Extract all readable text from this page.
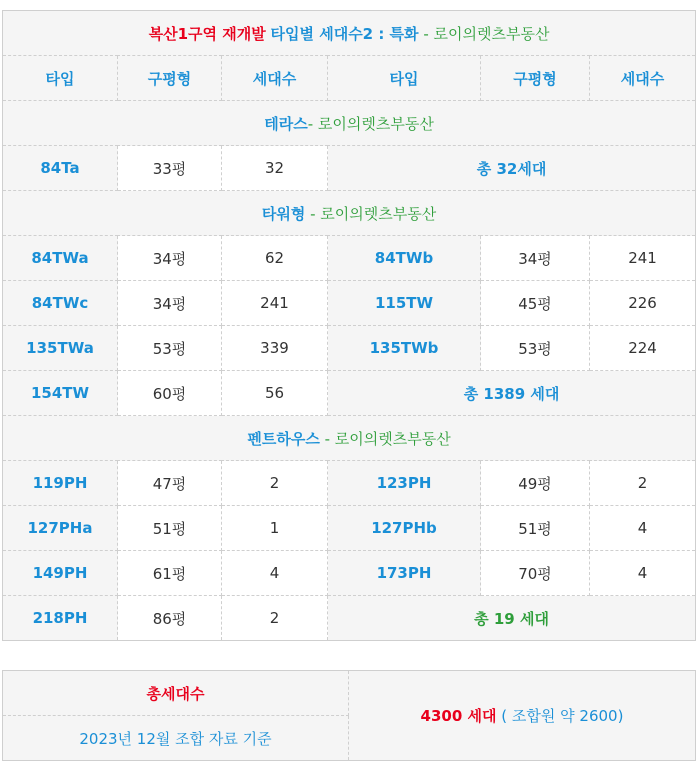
복산1구역 재개발 타입별 세대수2 : 특화 - 로이의렛츠부동산					
타입	구평형	세대수	타입	구평형	세대수
테라스- 로이의렛츠부동산					
84Ta	33평	32	총 32세대		
타워형 - 로이의렛츠부동산					
84TWa	34평	62	84TWb	34평	241
84TWc	34평	241	115TW	45평	226
135TWa	53평	339	135TWb	53평	224
154TW	60평	56	총 1389 세대		
펜트하우스 - 로이의렛츠부동산					
119PH	47평	2	123PH	49평	2
127PHa	51평	1	127PHb	51평	4
149PH	61평	4	173PH	70평	4
218PH	86평	2	총 19 세대		
총세대수	4300 세대 ( 조합원 약 2600)
2023년 12월 조합 자료 기준
